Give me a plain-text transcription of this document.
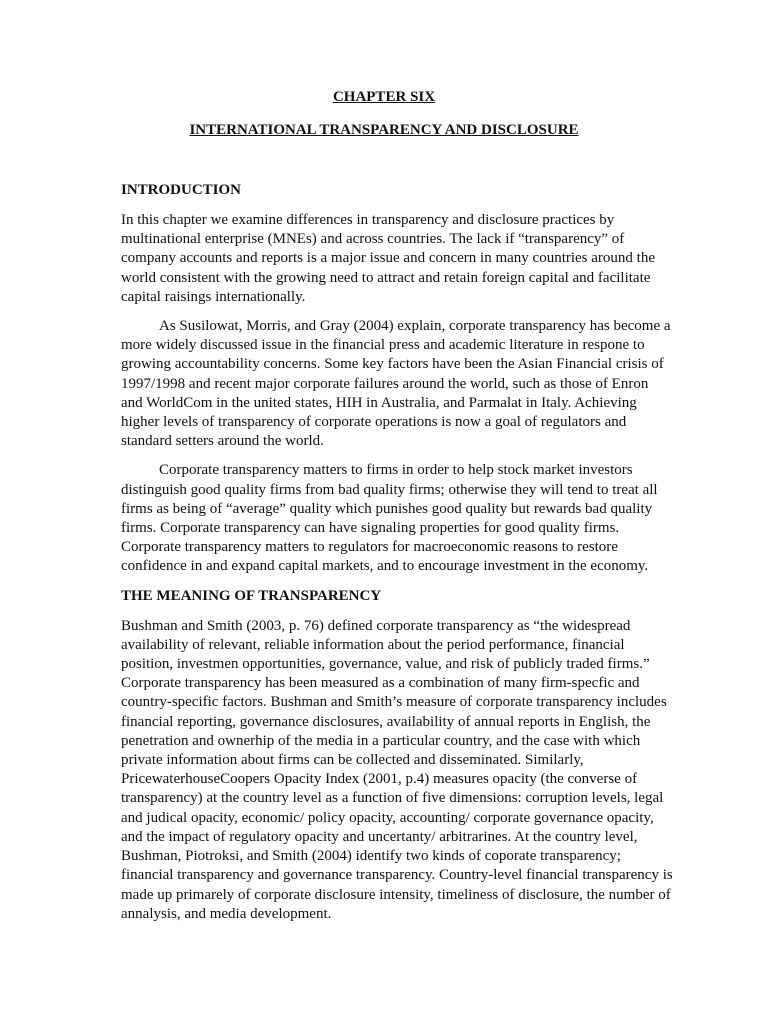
CHAPTER SIX
INTERNATIONAL TRANSPARENCY AND DISCLOSURE
INTRODUCTION

In this chapter we examine differences in transparency and disclosure practices by multinational enterprise (MNEs) and across countries. The lack if “transparency” of company accounts and reports is a major issue and concern in many countries around the world consistent with the growing need to attract and retain foreign capital and facilitate capital raisings internationally.

As Susilowat, Morris, and Gray (2004) explain, corporate transparency has become a more widely discussed issue in the financial press and academic literature in respone to growing accountability concerns. Some key factors have been the Asian Financial crisis of 1997/1998 and recent major corporate failures around the world, such as those of Enron and WorldCom in the united states, HIH in Australia, and Parmalat in Italy. Achieving higher levels of transparency of corporate operations is now a goal of regulators and standard setters around the world.

Corporate transparency matters to firms in order to help stock market investors distinguish good quality firms from bad quality firms; otherwise they will tend to treat all firms as being of “average” quality which punishes good quality but rewards bad quality firms. Corporate transparency can have signaling properties for good quality firms. Corporate transparency matters to regulators for macroeconomic reasons to restore confidence in and expand capital markets, and to encourage investment in the economy.

THE MEANING OF TRANSPARENCY

Bushman and Smith (2003, p. 76) defined corporate transparency as “the widespread availability of relevant, reliable information about the period performance, financial position, investmen opportunities, governance, value, and risk of publicly traded firms.” Corporate transparency has been measured as a combination of many firm-specfic and country-specific factors. Bushman and Smith’s measure of corporate transparency includes financial reporting, governance disclosures, availability of annual reports in English, the penetration and ownerhip of the media in a particular country, and the case with which private information about firms can be collected and disseminated. Similarly, PricewaterhouseCoopers Opacity Index (2001, p.4) measures opacity (the converse of transparency) at the country level as a function of five dimensions: corruption levels, legal and judical opacity, economic/ policy opacity, accounting/ corporate governance opacity, and the impact of regulatory opacity and uncertanty/ arbitrarines. At the country level, Bushman, Piotroksi, and Smith (2004) identify two kinds of coporate transparency; financial transparency and governance transparency. Country-level financial transparency is made up primarely of corporate disclosure intensity, timeliness of disclosure, the number of annalysis, and media development.
